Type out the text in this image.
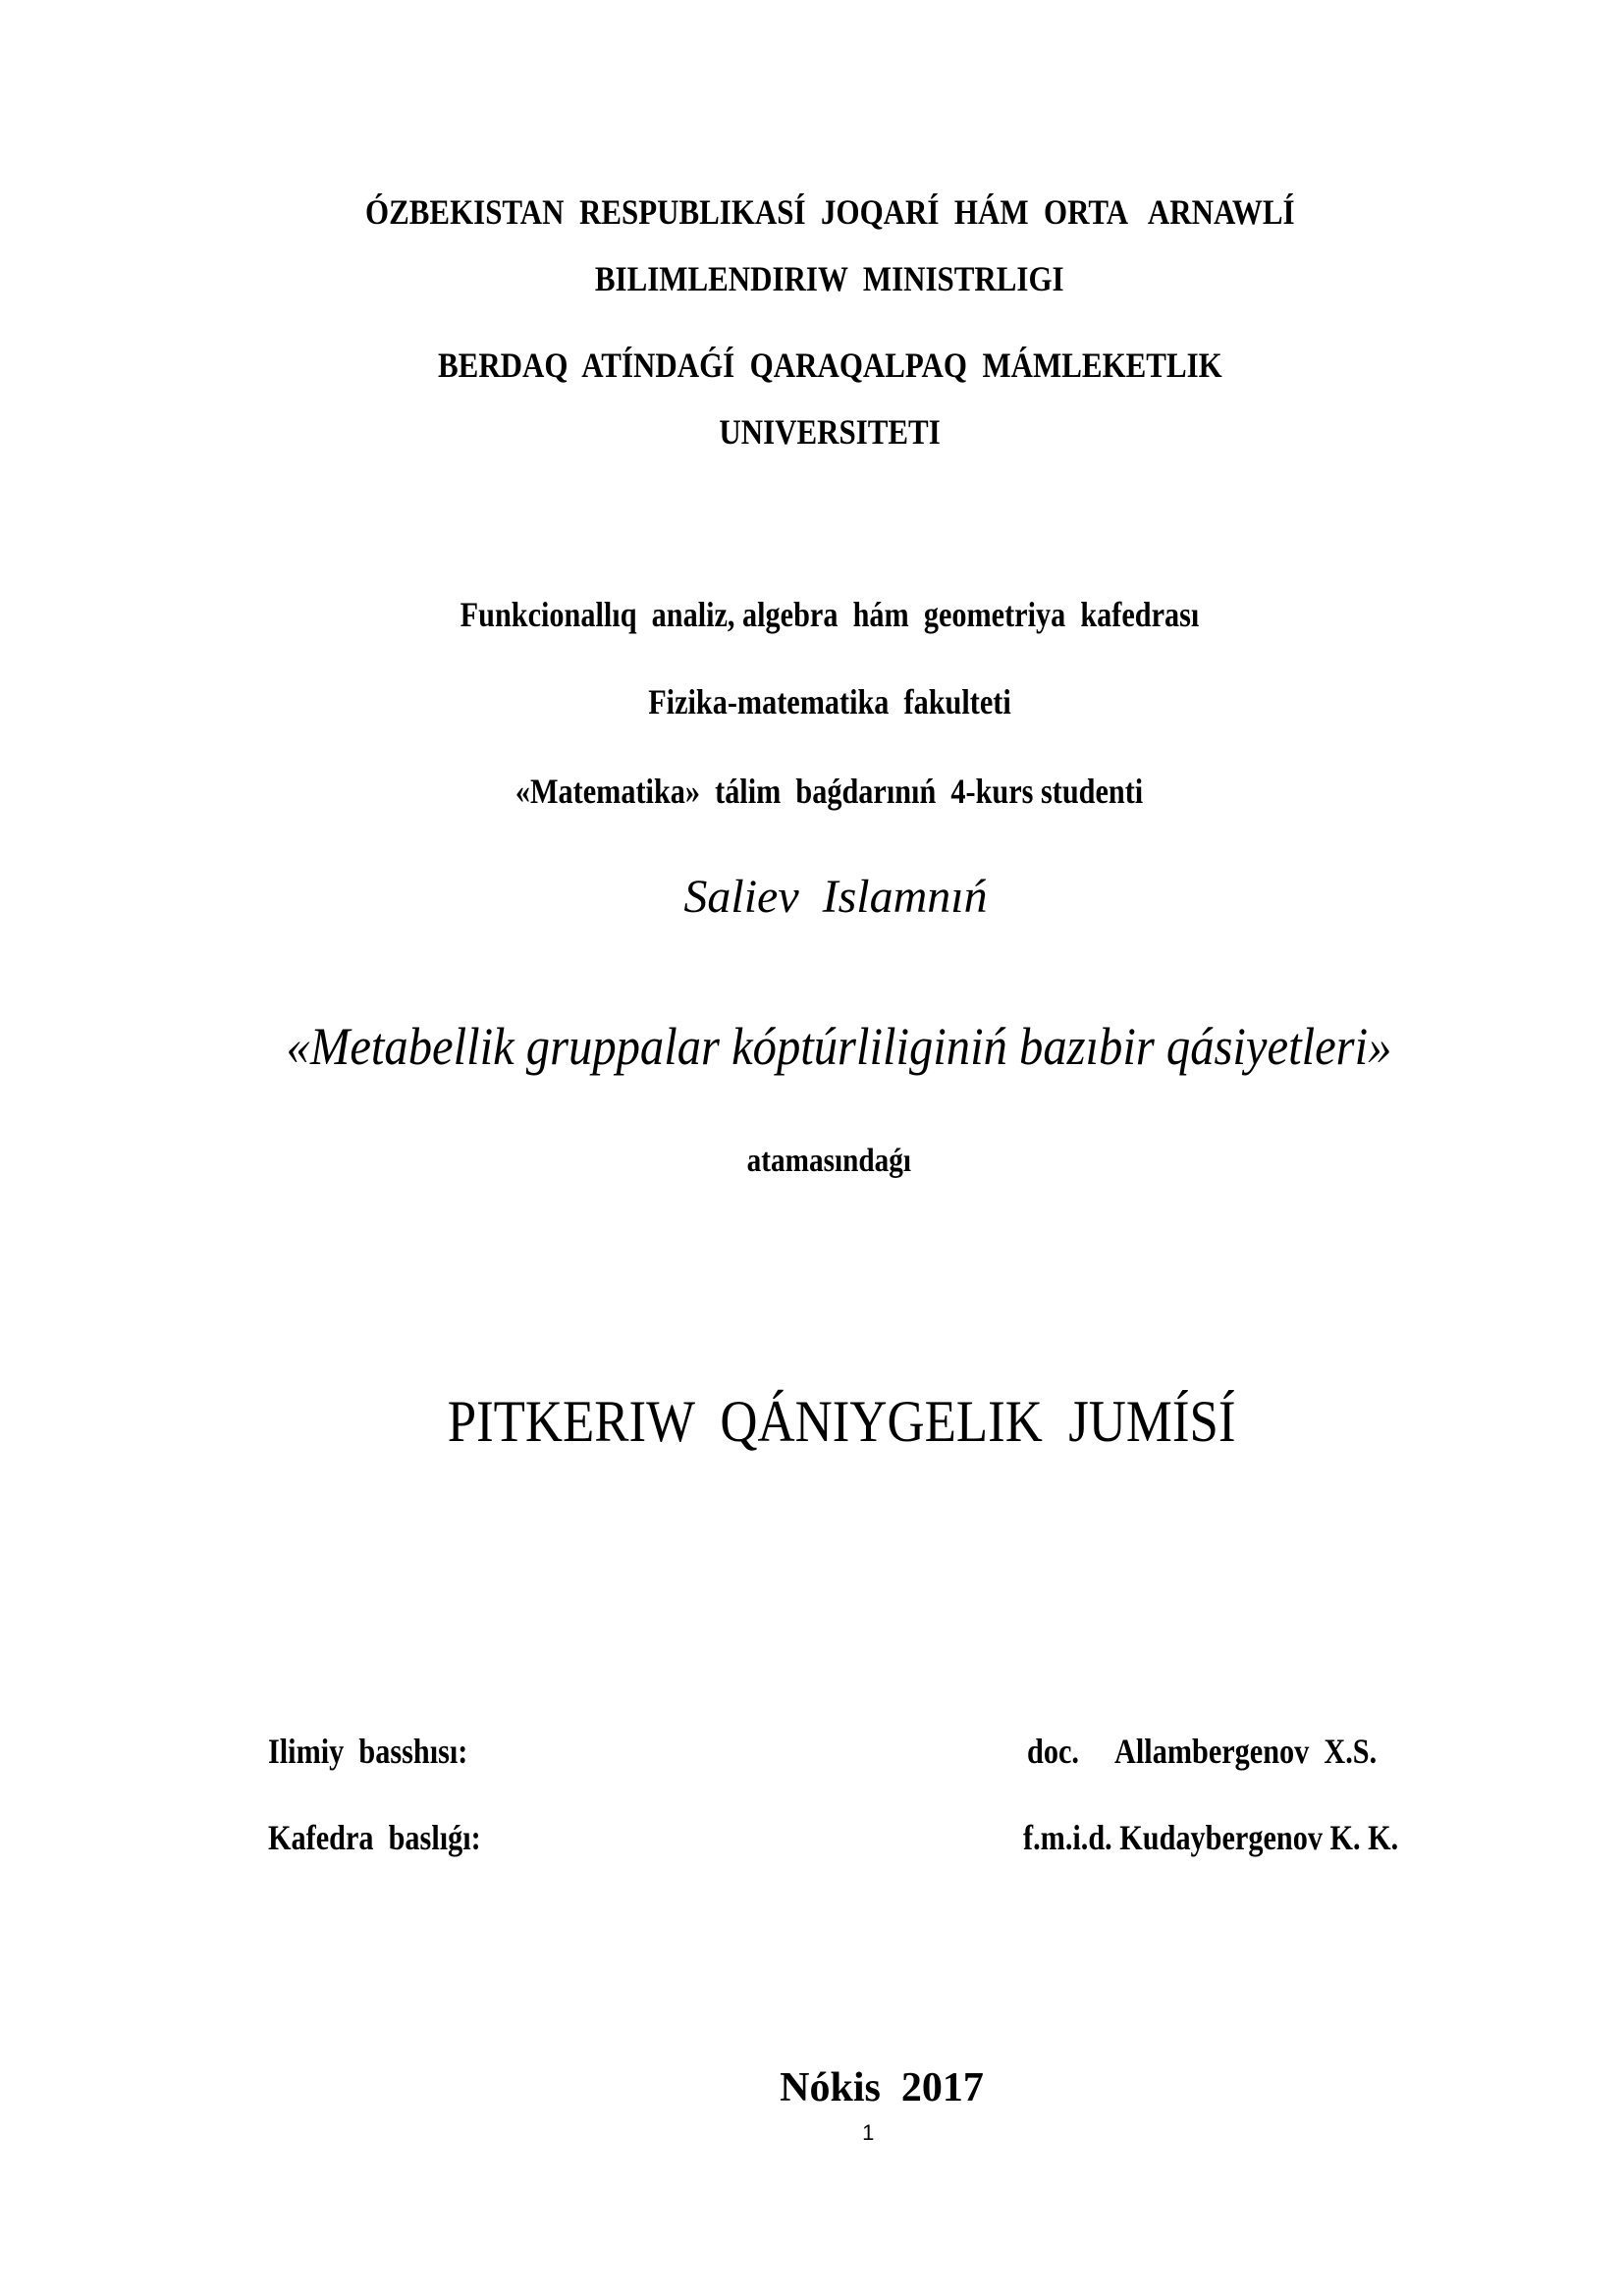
ÓZBEKISTAN  RESPUBLIKASÍ  JOQARÍ  HÁM  ORTA   ARNAWLÍ

BILIMLENDIRIW  MINISTRLIGI

BERDAQ  ATÍNDAǴÍ  QARAQALPAQ  MÁMLEKETLIK

UNIVERSITETI

Funkcionallıq  analiz, algebra  hám  geometriya  kafedrası

Fizika-matematika  fakulteti

«Matematika»  tálim  baǵdarınıń  4-kurs studenti

Saliev  Islamnıń

«Metabellik gruppalar kóptúrliliginiń bazıbir qásiyetleri»

atamasındaǵı

PITKERIW  QÁNIYGELIK  JUMÍSÍ

Ilimiy  basshısı:
	doc.     Allambergenov  X.S.

Kafedra  baslıǵı:
	f.m.i.d. Kudaybergenov K. K.

Nókis  2017

1
